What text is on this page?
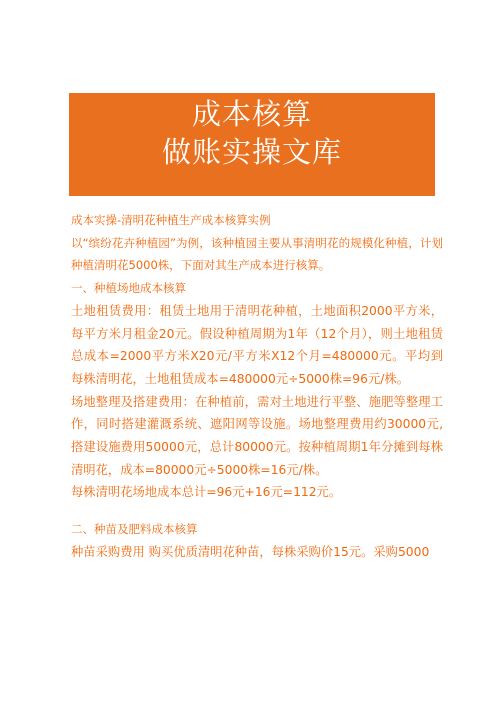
成本核算
做账实操文库

成本实操-清明花种植生产成本核算实例

以“缤纷花卉种植园”为例，该种植园主要从事清明花的规模化种植，计划种植清明花5000株，下面对其生产成本进行核算。

一、种植场地成本核算

土地租赁费用：租赁土地用于清明花种植，土地面积2000平方米，每平方米月租金20元。假设种植周期为1年（12个月），则土地租赁总成本=2000平方米X20元/平方米X12个月=480000元。平均到每株清明花，土地租赁成本=480000元÷5000株=96元/株。

场地整理及搭建费用：在种植前，需对土地进行平整、施肥等整理工作，同时搭建灌溉系统、遮阳网等设施。场地整理费用约30000元,搭建设施费用50000元，总计80000元。按种植周期1年分摊到每株清明花，成本=80000元÷5000株=16元/株。

每株清明花场地成本总计=96元+16元=112元。

二、种苗及肥料成本核算

种苗采购费用 购买优质清明花种苗，每株采购价15元。采购5000
